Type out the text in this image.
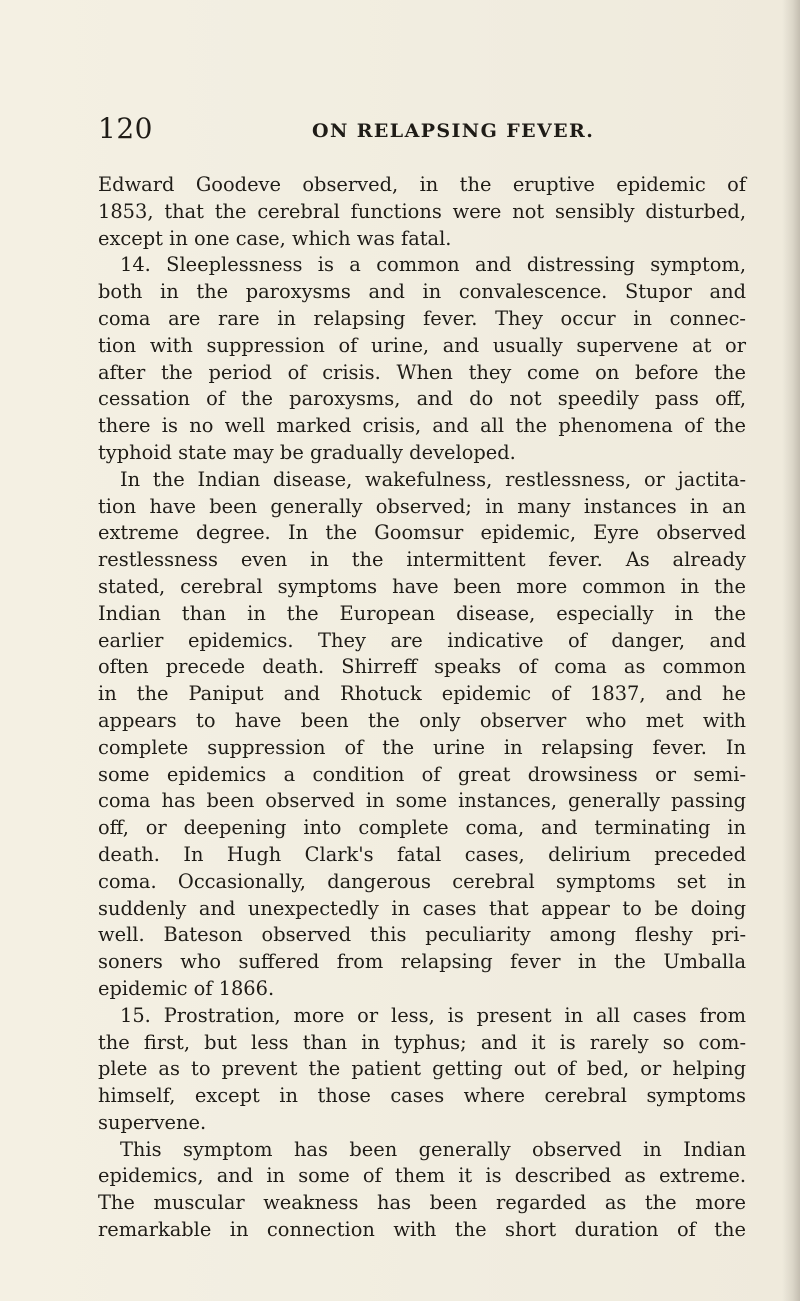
120	ON RELAPSING FEVER.
Edward Goodeve observed, in the eruptive epidemic of
1853, that the cerebral functions were not sensibly disturbed,
except in one case, which was fatal.
14. Sleeplessness is a common and distressing symptom,
both in the paroxysms and in convalescence. Stupor and
coma are rare in relapsing fever. They occur in connec-
tion with suppression of urine, and usually supervene at or
after the period of crisis. When they come on before the
cessation of the paroxysms, and do not speedily pass off,
there is no well marked crisis, and all the phenomena of the
typhoid state may be gradually developed.
In the Indian disease, wakefulness, restlessness, or jactita-
tion have been generally observed; in many instances in an
extreme degree. In the Goomsur epidemic, Eyre observed
restlessness even in the intermittent fever. As already
stated, cerebral symptoms have been more common in the
Indian than in the European disease, especially in the
earlier epidemics. They are indicative of danger, and
often precede death. Shirreff speaks of coma as common
in the Paniput and Rhotuck epidemic of 1837, and he
appears to have been the only observer who met with
complete suppression of the urine in relapsing fever. In
some epidemics a condition of great drowsiness or semi-
coma has been observed in some instances, generally passing
off, or deepening into complete coma, and terminating in
death. In Hugh Clark's fatal cases, delirium preceded
coma. Occasionally, dangerous cerebral symptoms set in
suddenly and unexpectedly in cases that appear to be doing
well. Bateson observed this peculiarity among fleshy pri-
soners who suffered from relapsing fever in the Umballa
epidemic of 1866.
15. Prostration, more or less, is present in all cases from
the first, but less than in typhus; and it is rarely so com-
plete as to prevent the patient getting out of bed, or helping
himself, except in those cases where cerebral symptoms
supervene.
This symptom has been generally observed in Indian
epidemics, and in some of them it is described as extreme.
The muscular weakness has been regarded as the more
remarkable in connection with the short duration of the
